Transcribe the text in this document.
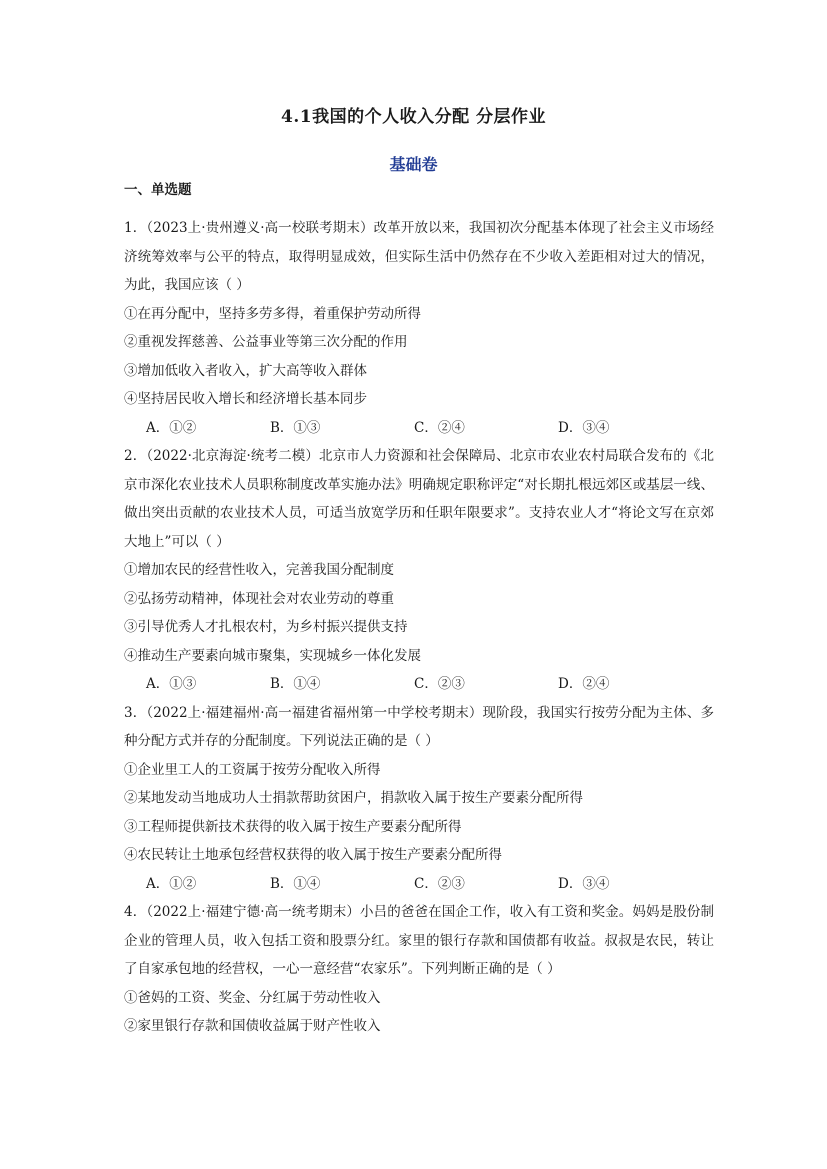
4.1我国的个人收入分配 分层作业
基础卷
一、单选题

1．（2023上·贵州遵义·高一校联考期末）改革开放以来，我国初次分配基本体现了社会主义市场经济统筹效率与公平的特点，取得明显成效，但实际生活中仍然存在不少收入差距相对过大的情况，为此，我国应该（ ）

①在再分配中，坚持多劳多得，着重保护劳动所得

②重视发挥慈善、公益事业等第三次分配的作用

③增加低收入者收入，扩大高等收入群体

④坚持居民收入增长和经济增长基本同步

A．①②	B．①③	C．②④	D．③④

2．（2022·北京海淀·统考二模）北京市人力资源和社会保障局、北京市农业农村局联合发布的《北京市深化农业技术人员职称制度改革实施办法》明确规定职称评定“对长期扎根远郊区或基层一线、做出突出贡献的农业技术人员，可适当放宽学历和任职年限要求”。支持农业人才“将论文写在京郊大地上”可以（ ）

①增加农民的经营性收入，完善我国分配制度

②弘扬劳动精神，体现社会对农业劳动的尊重

③引导优秀人才扎根农村，为乡村振兴提供支持

④推动生产要素向城市聚集，实现城乡一体化发展

A．①③	B．①④	C．②③	D．②④

3．（2022上·福建福州·高一福建省福州第一中学校考期末）现阶段，我国实行按劳分配为主体、多种分配方式并存的分配制度。下列说法正确的是（ ）

①企业里工人的工资属于按劳分配收入所得

②某地发动当地成功人士捐款帮助贫困户，捐款收入属于按生产要素分配所得

③工程师提供新技术获得的收入属于按生产要素分配所得

④农民转让土地承包经营权获得的收入属于按生产要素分配所得

A．①②	B．①④	C．②③	D．③④

4．（2022上·福建宁德·高一统考期末）小吕的爸爸在国企工作，收入有工资和奖金。妈妈是股份制企业的管理人员，收入包括工资和股票分红。家里的银行存款和国债都有收益。叔叔是农民，转让了自家承包地的经营权，一心一意经营“农家乐”。下列判断正确的是（ ）

①爸妈的工资、奖金、分红属于劳动性收入

②家里银行存款和国债收益属于财产性收入
